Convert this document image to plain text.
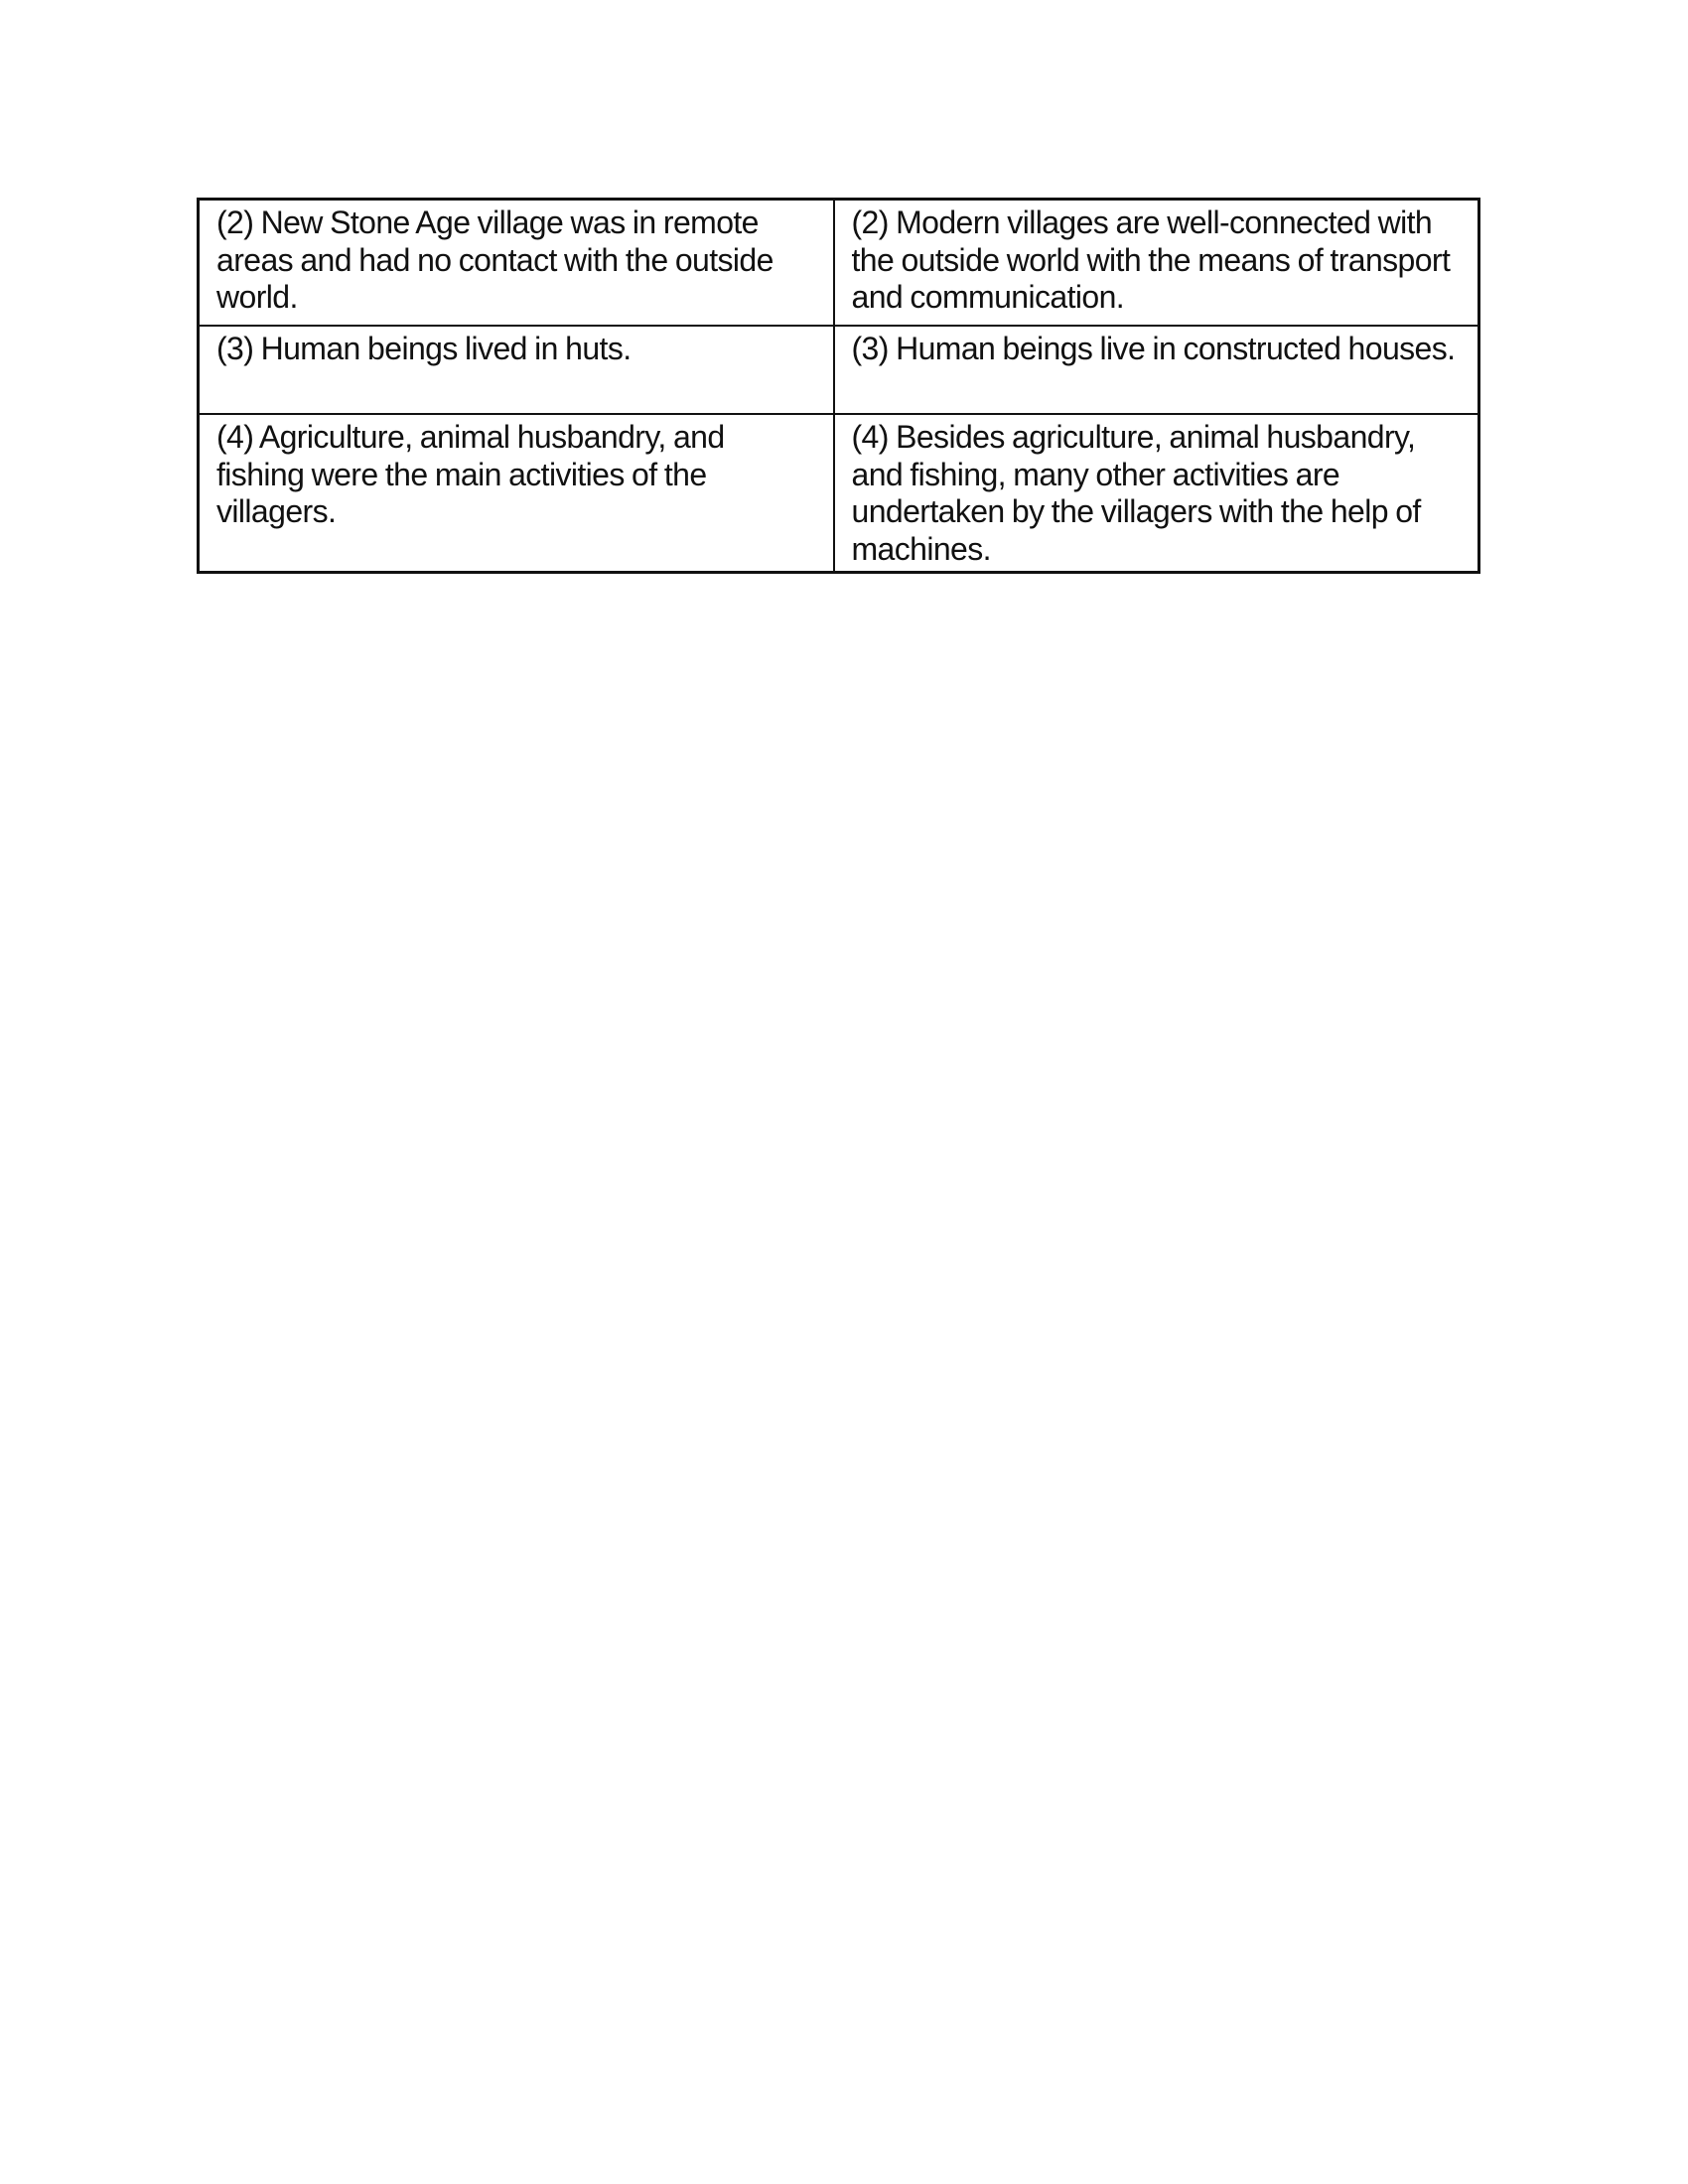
(2) New Stone Age village was in remote areas and had no contact with the outside world.	(2) Modern villages are well-connected with the outside world with the means of transport and communication.
(3) Human beings lived in huts.	(3) Human beings live in constructed houses.
(4) Agriculture, animal husbandry, and fishing were the main activities of the villagers.	(4) Besides agriculture, animal husbandry, and fishing, many other activities are undertaken by the villagers with the help of machines.
